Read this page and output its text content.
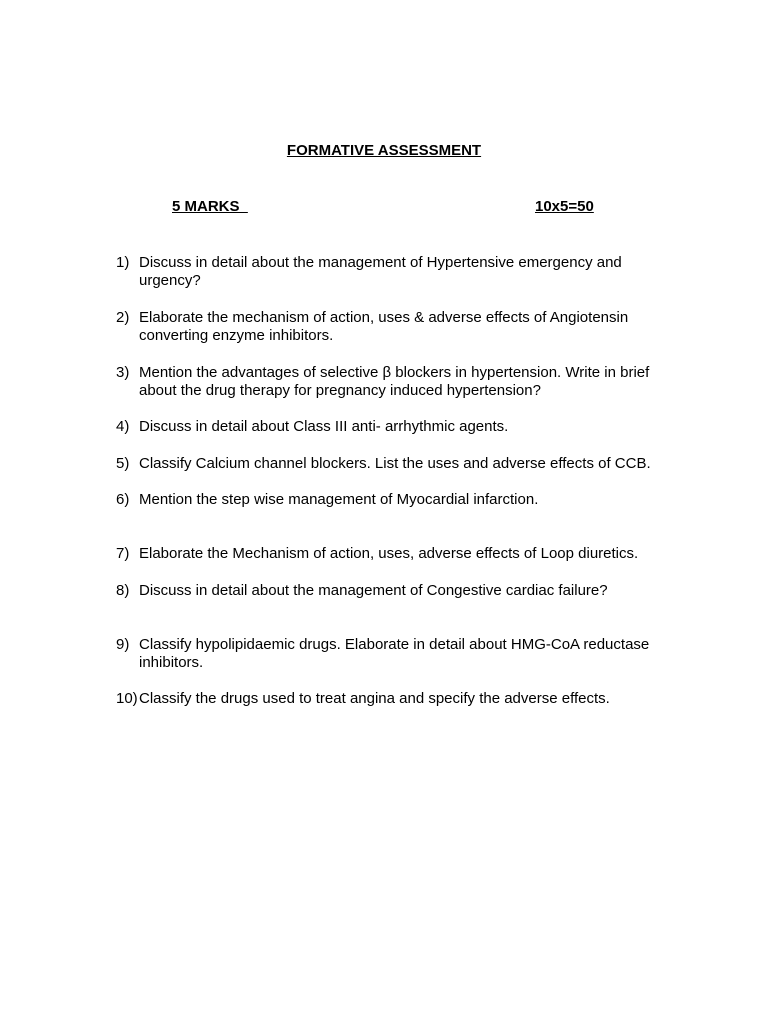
FORMATIVE ASSESSMENT
5 MARKS	10x5=50
1) Discuss in detail about the management of Hypertensive emergency and urgency?
2) Elaborate the mechanism of action, uses & adverse effects of Angiotensin converting enzyme inhibitors.
3) Mention the advantages of selective β blockers in hypertension. Write in brief about the drug therapy for pregnancy induced hypertension?
4) Discuss in detail about Class III anti- arrhythmic agents.
5) Classify Calcium channel blockers. List the uses and adverse effects of CCB.
6) Mention the step wise management of Myocardial infarction.
7) Elaborate the Mechanism of action, uses, adverse effects of Loop diuretics.
8) Discuss in detail about the management of Congestive cardiac failure?
9) Classify hypolipidaemic drugs. Elaborate in detail about HMG-CoA reductase inhibitors.
10) Classify the drugs used to treat angina and specify the adverse effects.
